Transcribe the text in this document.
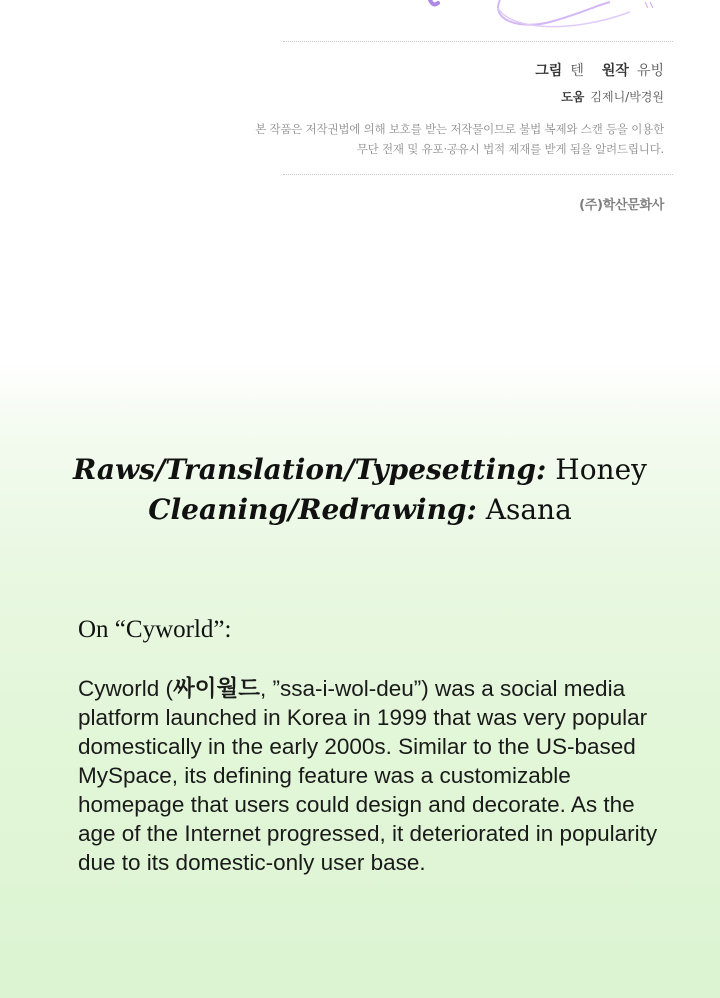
그림 텐 원작 유빙
도움 김제니/박경원
본 작품은 저작권법에 의해 보호를 받는 저작물이므로 불법 복제와 스캔 등을 이용한
무단 전재 및 유포·공유시 법적 제재를 받게 됨을 알려드립니다.
(주)학산문화사
Raws/Translation/Typesetting: Honey
Cleaning/Redrawing: Asana

On “Cyworld”:

Cyworld (싸이월드, ”ssa-i-wol-deu”) was a social media platform launched in Korea in 1999 that was very popular domestically in the early 2000s. Similar to the US-based MySpace, its defining feature was a customizable homepage that users could design and decorate. As the age of the Internet progressed, it deteriorated in popularity due to its domestic-only user base.
